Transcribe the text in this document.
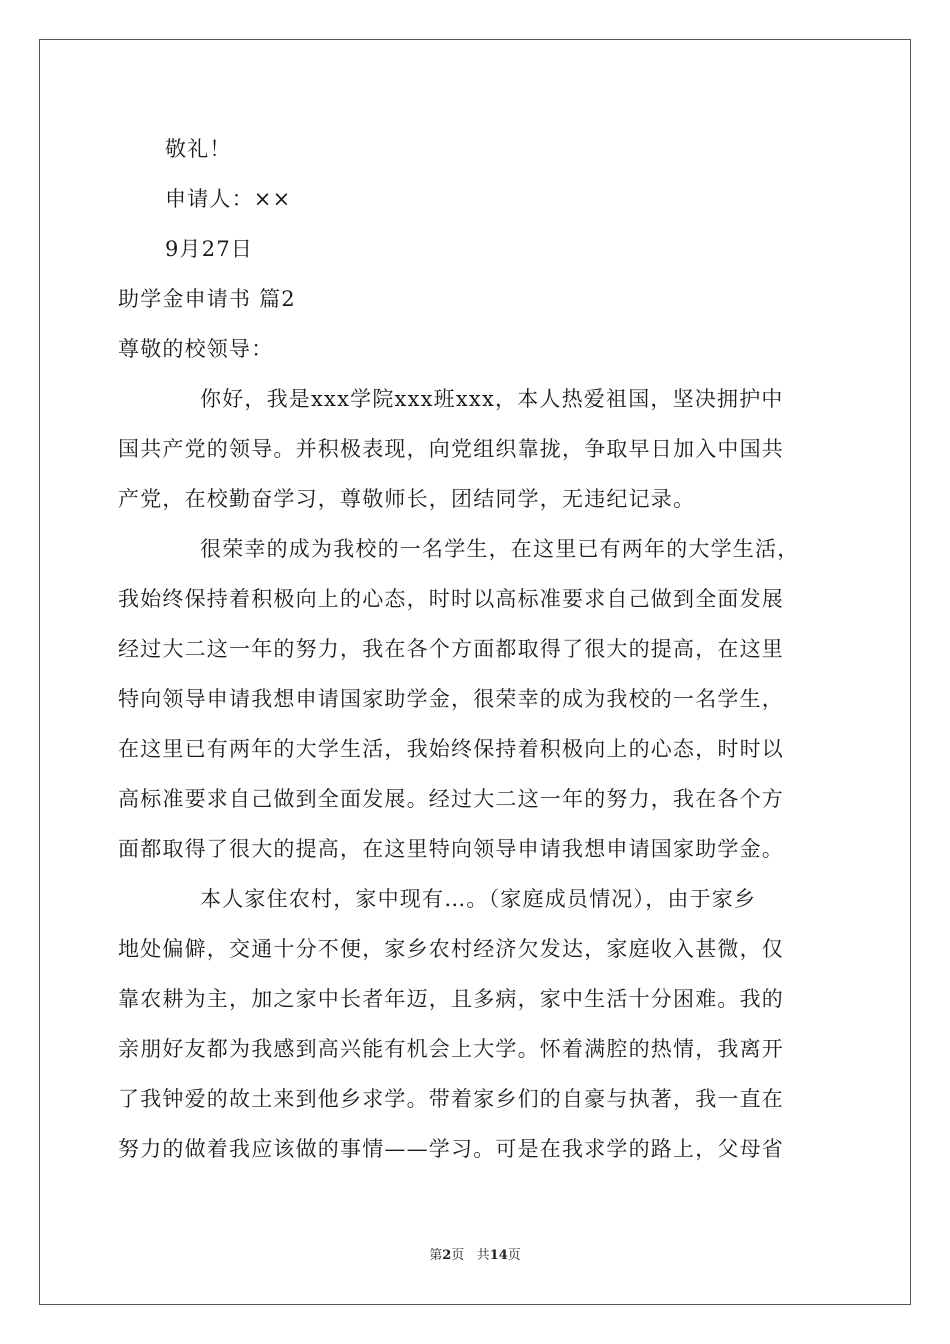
敬礼！
申请人：××
9月27日
助学金申请书 篇2
尊敬的校领导：
你好，我是xxx学院xxx班xxx，本人热爱祖国，坚决拥护中
国共产党的领导。并积极表现，向党组织靠拢，争取早日加入中国共
产党，在校勤奋学习，尊敬师长，团结同学，无违纪记录。
很荣幸的成为我校的一名学生，在这里已有两年的大学生活，
我始终保持着积极向上的心态，时时以高标准要求自己做到全面发展
经过大二这一年的努力，我在各个方面都取得了很大的提高，在这里
特向领导申请我想申请国家助学金，很荣幸的成为我校的一名学生，
在这里已有两年的大学生活，我始终保持着积极向上的心态，时时以
高标准要求自己做到全面发展。经过大二这一年的努力，我在各个方
面都取得了很大的提高，在这里特向领导申请我想申请国家助学金。
本人家住农村，家中现有…。（家庭成员情况），由于家乡
地处偏僻，交通十分不便，家乡农村经济欠发达，家庭收入甚微，仅
靠农耕为主，加之家中长者年迈，且多病，家中生活十分困难。我的
亲朋好友都为我感到高兴能有机会上大学。怀着满腔的热情，我离开
了我钟爱的故土来到他乡求学。带着家乡们的自豪与执著，我一直在
努力的做着我应该做的事情——学习。可是在我求学的路上，父母省
第2页 共14页
